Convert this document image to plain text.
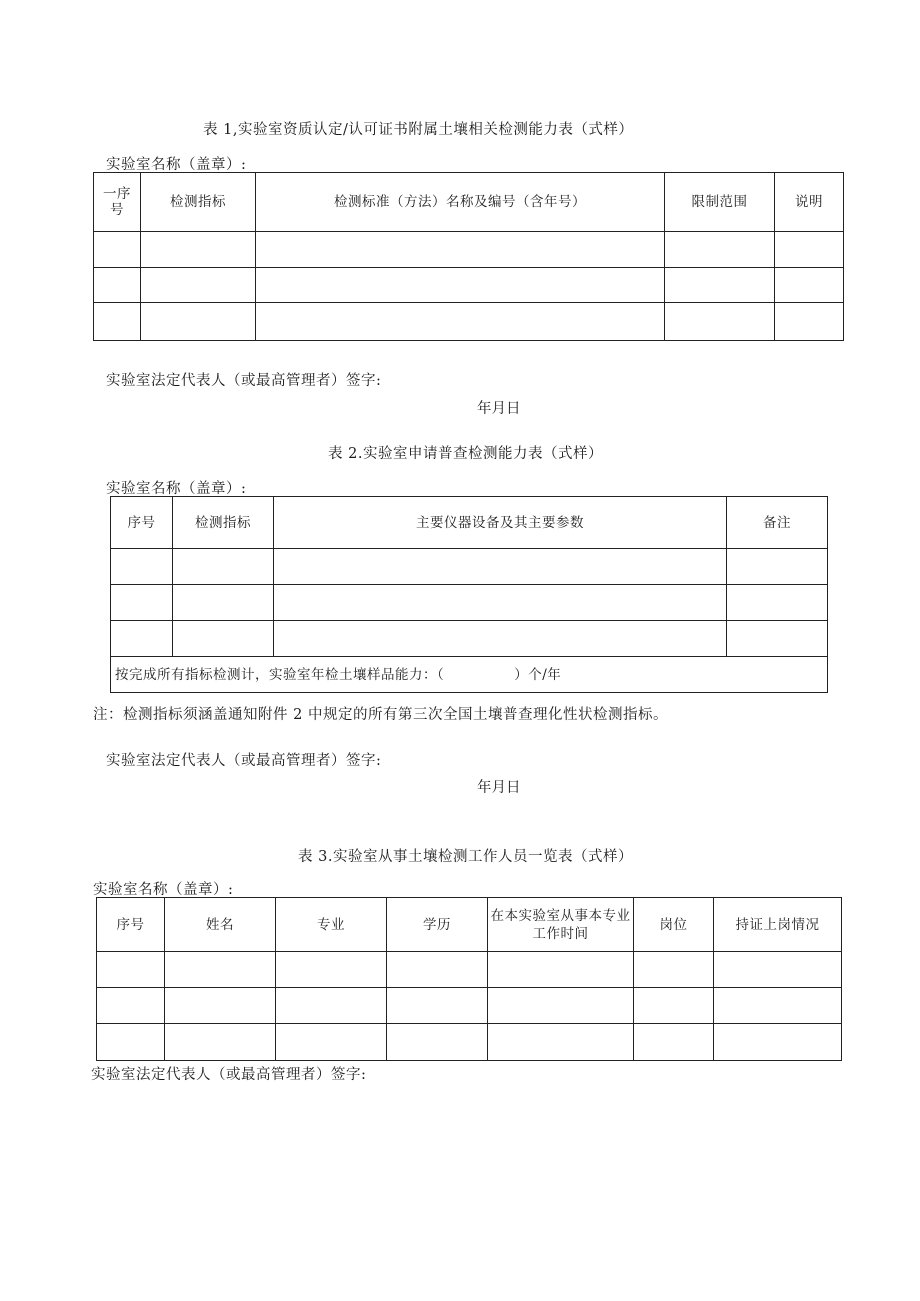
表 1,实验室资质认定/认可证书附属土壤相关检测能力表（式样）
实验室名称（盖章）:
一序号	检测指标	检测标准（方法）名称及编号（含年号）	限制范围	说明

实验室法定代表人（或最高管理者）签字:
年月日
表 2.实验室申请普查检测能力表（式样）
实验室名称（盖章）:
序号	检测指标	主要仪器设备及其主要参数	备注

按完成所有指标检测计，实验室年检土壤样品能力：（　　　　　）个/年			
注：检测指标须涵盖通知附件 2 中规定的所有第三次全国土壤普查理化性状检测指标。
实验室法定代表人（或最高管理者）签字:
年月日
表 3.实验室从事土壤检测工作人员一览表（式样）
实验室名称（盖章）:
序号	姓名	专业	学历	在本实验室从事本专业工作时间	岗位	持证上岗情况

实验室法定代表人（或最高管理者）签字:
